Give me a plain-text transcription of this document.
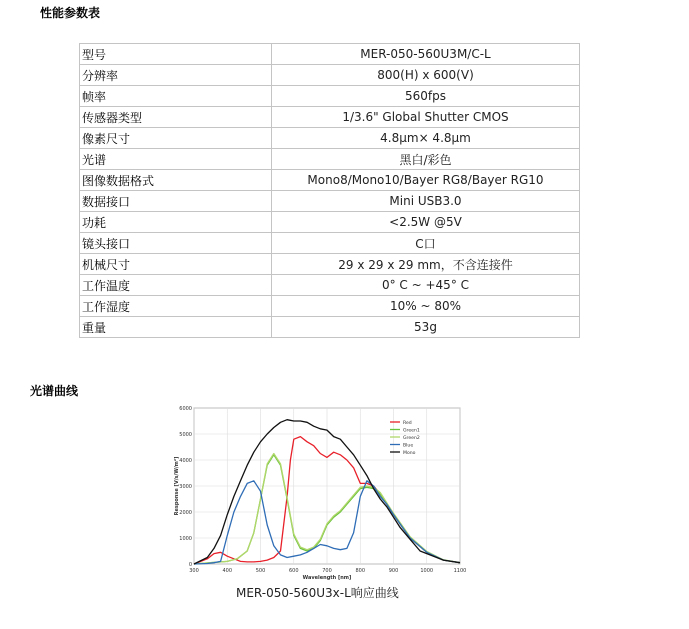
性能参数表
型号	MER-050-560U3M/C-L
分辨率	800(H) x 600(V)
帧率	560fps
传感器类型	1/3.6" Global Shutter CMOS
像素尺寸	4.8μm× 4.8μm
光谱	黑白/彩色
图像数据格式	Mono8/Mono10/Bayer RG8/Bayer RG10
数据接口	Mini USB3.0
功耗	<2.5W @5V
镜头接口	C口
机械尺寸	29 x 29 x 29 mm，不含连接件
工作温度	0° C ~ +45° C
工作湿度	10% ~ 80%
重量	53g
光谱曲线
300	400	500	600	700	800	900	1000	1100
0
1000
2000
3000
4000
5000
6000
Wavelength [nm]
Response [V/s/W/m²]
Red
Green1
Green2
Blue
Mono
MER-050-560U3x-L响应曲线
